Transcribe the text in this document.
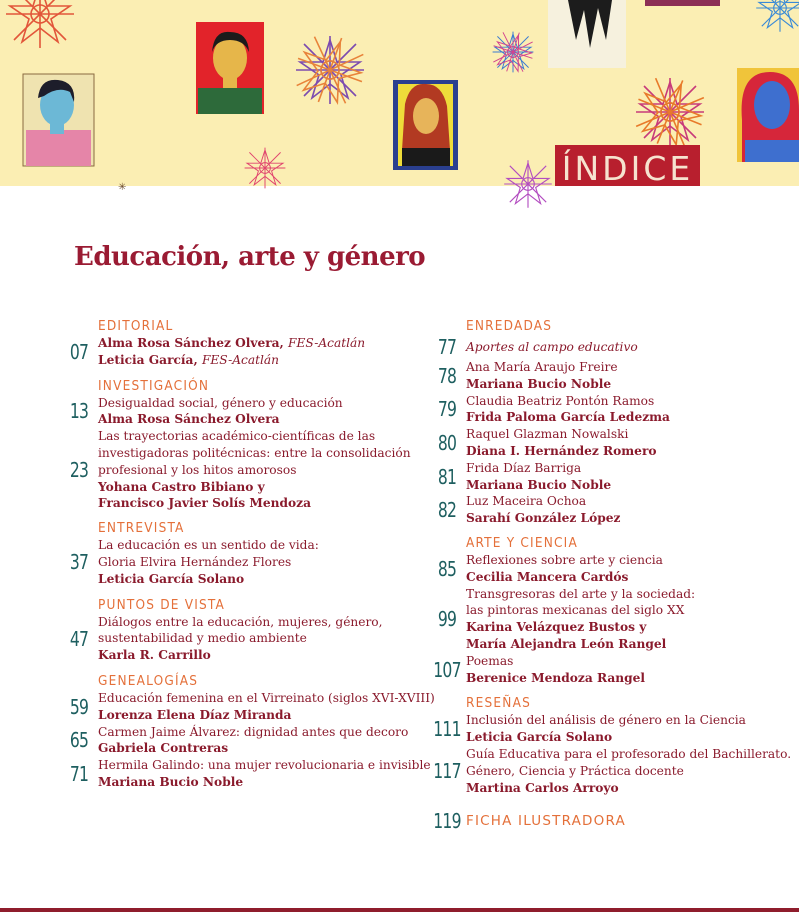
✳	ÍNDICE
Educación, arte y género
EDITORIAL
07 Alma Rosa Sánchez Olvera, FES-Acatlán
Leticia García, FES-Acatlán
INVESTIGACIÓN
13 Desigualdad social, género y educación
Alma Rosa Sánchez Olvera
23
Las trayectorias académico-científicas de las
investigadoras politécnicas: entre la consolidación
profesional y los hitos amorosos
Yohana Castro Bibiano y
Francisco Javier Solís Mendoza
ENTREVISTA
37
La educación es un sentido de vida:
Gloria Elvira Hernández Flores
Leticia García Solano
PUNTOS DE VISTA
47
Diálogos entre la educación, mujeres, género,
sustentabilidad y medio ambiente
Karla R. Carrillo
GENEALOGÍAS
59 Educación femenina en el Virreinato (siglos XVI-XVIII)
Lorenza Elena Díaz Miranda
65 Carmen Jaime Álvarez: dignidad antes que decoro
Gabriela Contreras
71 Hermila Galindo: una mujer revolucionaria e invisible
Mariana Bucio Noble
ENREDADAS
77 Aportes al campo educativo
78 Ana María Araujo Freire
Mariana Bucio Noble
79 Claudia Beatriz Pontón Ramos
Frida Paloma García Ledezma
80 Raquel Glazman Nowalski
Diana I. Hernández Romero
81 Frida Díaz Barriga
Mariana Bucio Noble
82 Luz Maceira Ochoa
Sarahí González López
ARTE Y CIENCIA
85 Reflexiones sobre arte y ciencia
Cecilia Mancera Cardós
99
Transgresoras del arte y la sociedad:
las pintoras mexicanas del siglo XX
Karina Velázquez Bustos y
María Alejandra León Rangel
107 Poemas
Berenice Mendoza Rangel
RESEÑAS
111 Inclusión del análisis de género en la Ciencia
Leticia García Solano
117
Guía Educativa para el profesorado del Bachillerato.
Género, Ciencia y Práctica docente
Martina Carlos Arroyo
119 FICHA ILUSTRADORA
